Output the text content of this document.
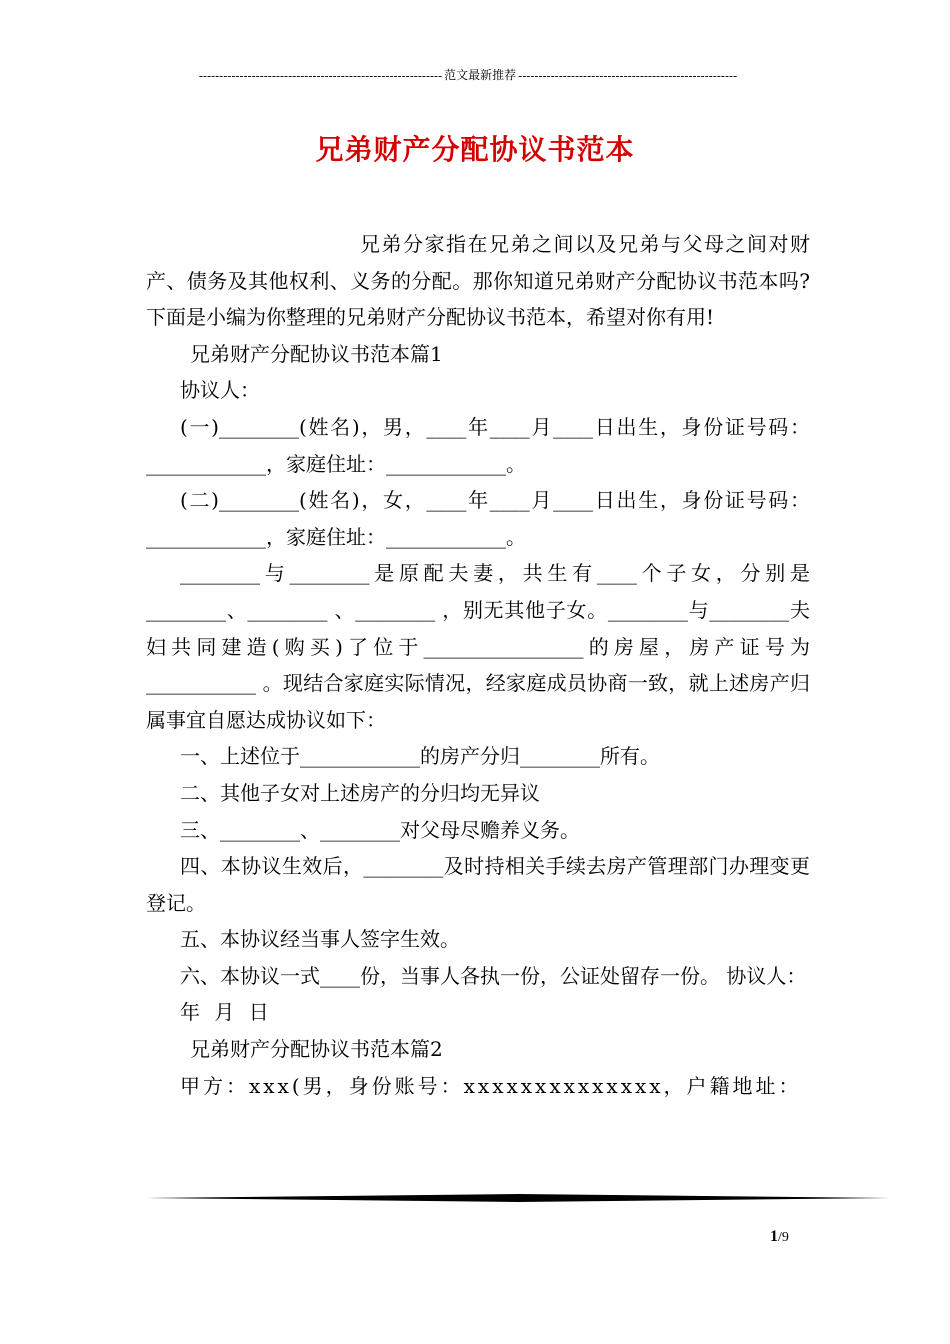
------------------------------------------------------------ 范文最新推荐 ------------------------------------------------------
兄弟财产分配协议书范本

兄弟分家指在兄弟之间以及兄弟与父母之间对财产、债务及其他权利、义务的分配。那你知道兄弟财产分配协议书范本吗?下面是小编为你整理的兄弟财产分配协议书范本，希望对你有用!

兄弟财产分配协议书范本篇1

协议人：

(一)________(姓名)，男，____年____月____日出生，身份证号码：____________，家庭住址：____________。

(二)________(姓名)，女，____年____月____日出生，身份证号码：____________，家庭住址：____________。

________与________是原配夫妻，共生有____个子女，分别是________、________ 、________ ，别无其他子女。________与________夫妇共同建造(购买)了位于________________的房屋，房产证号为___________ 。现结合家庭实际情况，经家庭成员协商一致，就上述房产归属事宜自愿达成协议如下：

一、上述位于____________的房产分归________所有。

二、其他子女对上述房产的分归均无异议

三、________、________对父母尽赡养义务。

四、本协议生效后，________及时持相关手续去房产管理部门办理变更登记。

五、本协议经当事人签字生效。

六、本协议一式____份，当事人各执一份，公证处留存一份。 协议人：

年 月 日

兄弟财产分配协议书范本篇2

甲方：xxx(男，身份账号：xxxxxxxxxxxxxx，户籍地址：

1/9
